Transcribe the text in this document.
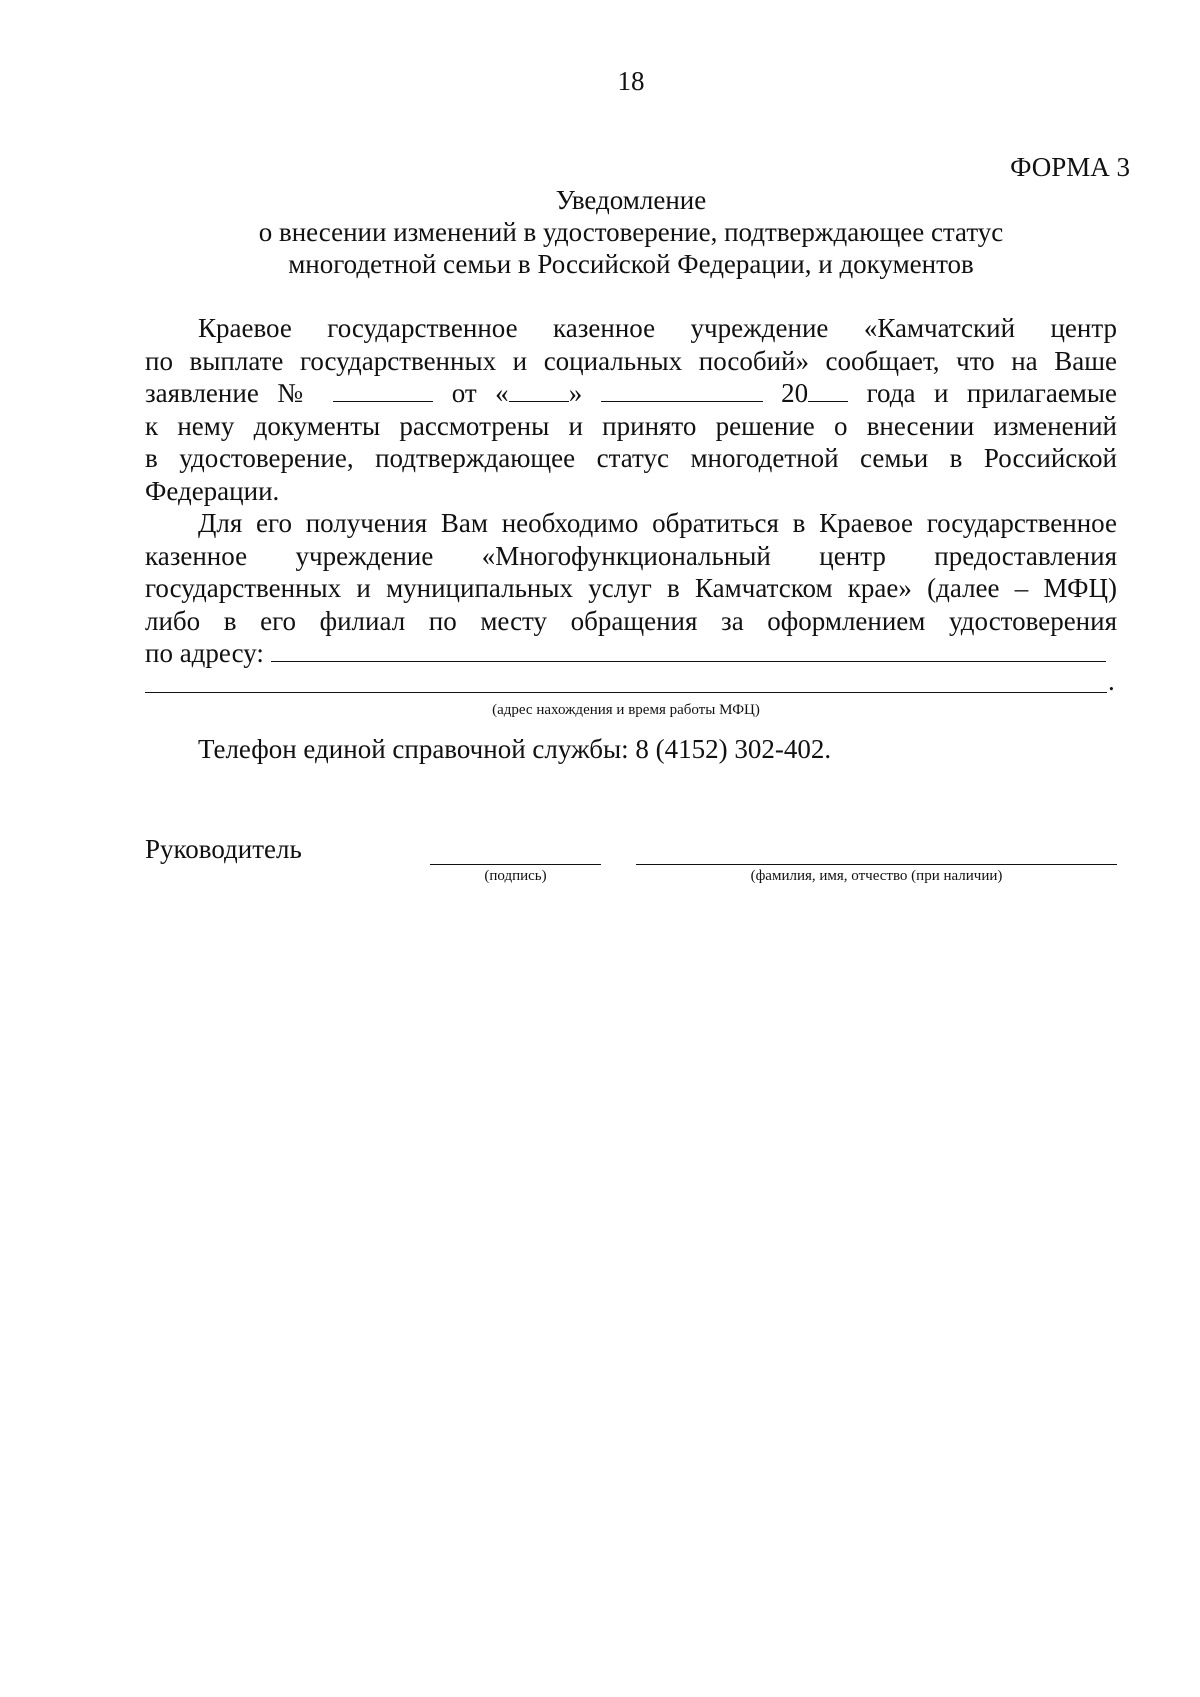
18
ФОРМА 3
Уведомление
о внесении изменений в удостоверение, подтверждающее статус
многодетной семьи в Российской Федерации, и документов
Краевое государственное казенное учреждение «Камчатский центр
по выплате государственных и социальных пособий» сообщает, что на Ваше
заявление №	от « »	20 года и прилагаемые
к нему документы рассмотрены и принято решение о внесении изменений
в удостоверение, подтверждающее статус многодетной семьи в Российской
Федерации.
Для его получения Вам необходимо обратиться в Краевое государственное
казенное учреждение «Многофункциональный центр предоставления
государственных и муниципальных услуг в Камчатском крае» (далее – МФЦ)
либо в его филиал по месту обращения за оформлением удостоверения
по адресу:
.
(адрес нахождения и время работы МФЦ)
Телефон единой справочной службы: 8 (4152) 302-402.
Руководитель
(подпись)	(фамилия, имя, отчество (при наличии)
